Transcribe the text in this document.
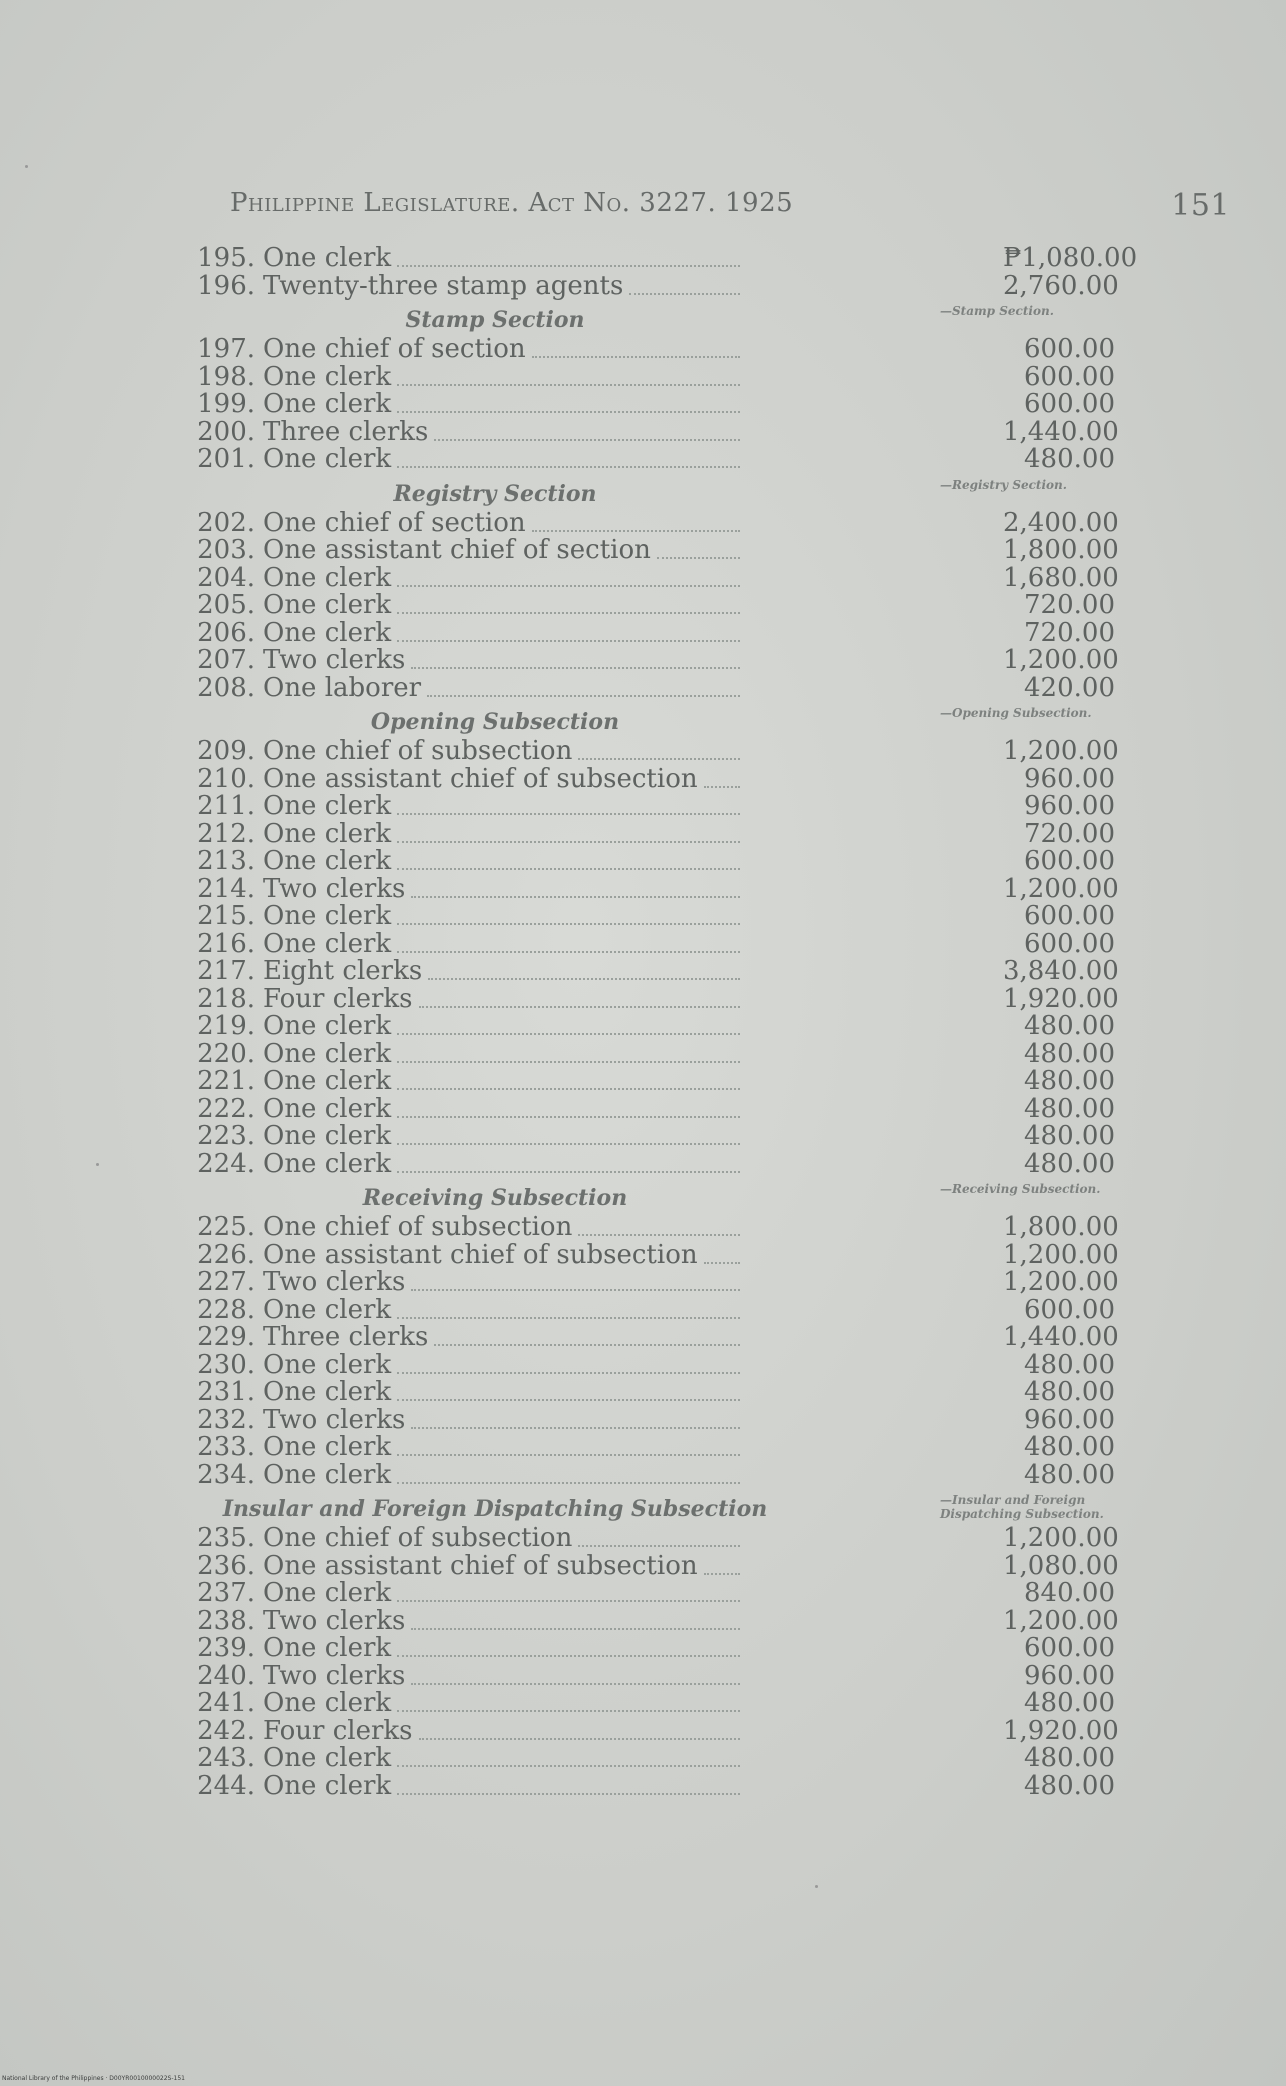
Philippine Legislature. Act No. 3227. 1925	151
195. One clerk	₱1,080.00
196. Twenty-three stamp agents	2,760.00
Stamp Section	—Stamp Section.
197. One chief of section	600.00
198. One clerk	600.00
199. One clerk	600.00
200. Three clerks	1,440.00
201. One clerk	480.00
Registry Section	—Registry Section.
202. One chief of section	2,400.00
203. One assistant chief of section	1,800.00
204. One clerk	1,680.00
205. One clerk	720.00
206. One clerk	720.00
207. Two clerks	1,200.00
208. One laborer	420.00
Opening Subsection	—Opening Subsection.
209. One chief of subsection	1,200.00
210. One assistant chief of subsection	960.00
211. One clerk	960.00
212. One clerk	720.00
213. One clerk	600.00
214. Two clerks	1,200.00
215. One clerk	600.00
216. One clerk	600.00
217. Eight clerks	3,840.00
218. Four clerks	1,920.00
219. One clerk	480.00
220. One clerk	480.00
221. One clerk	480.00
222. One clerk	480.00
223. One clerk	480.00
224. One clerk	480.00
Receiving Subsection	—Receiving Subsection.
225. One chief of subsection	1,800.00
226. One assistant chief of subsection	1,200.00
227. Two clerks	1,200.00
228. One clerk	600.00
229. Three clerks	1,440.00
230. One clerk	480.00
231. One clerk	480.00
232. Two clerks	960.00
233. One clerk	480.00
234. One clerk	480.00
Insular and Foreign Dispatching Subsection	—Insular and Foreign Dispatching Subsection.
235. One chief of subsection	1,200.00
236. One assistant chief of subsection	1,080.00
237. One clerk	840.00
238. Two clerks	1,200.00
239. One clerk	600.00
240. Two clerks	960.00
241. One clerk	480.00
242. Four clerks	1,920.00
243. One clerk	480.00
244. One clerk	480.00
National Library of the Philippines · D00YR0010000022S-151
